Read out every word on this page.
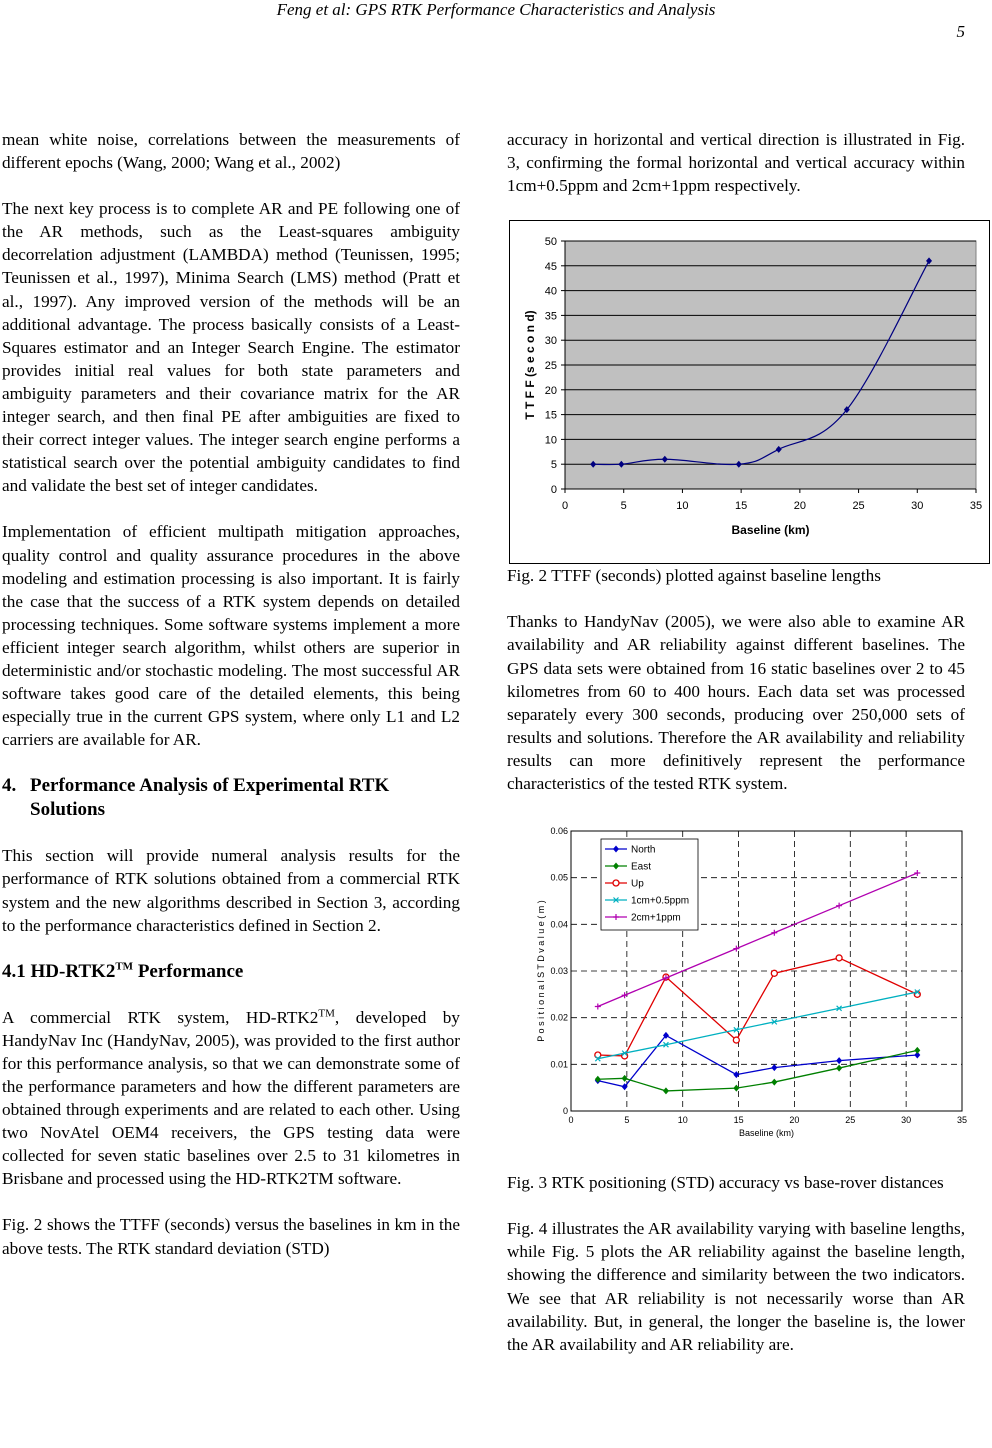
Feng et al: GPS RTK Performance Characteristics and Analysis
5

mean white noise, correlations between the measurements of different epochs (Wang, 2000; Wang et al., 2002)

The next key process is to complete AR and PE following one of the AR methods, such as the Least-squares ambiguity decorrelation adjustment (LAMBDA) method (Teunissen, 1995; Teunissen et al., 1997), Minima Search (LMS) method (Pratt et al., 1997). Any improved version of the methods will be an additional advantage. The process basically consists of a Least-Squares estimator and an Integer Search Engine. The estimator provides initial real values for both state parameters and ambiguity parameters and their covariance matrix for the AR integer search, and then final PE after ambiguities are fixed to their correct integer values. The integer search engine performs a statistical search over the potential ambiguity candidates to find and validate the best set of integer candidates.

Implementation of efficient multipath mitigation approaches, quality control and quality assurance procedures in the above modeling and estimation processing is also important. It is fairly the case that the success of a RTK system depends on detailed processing techniques. Some software systems implement a more efficient integer search algorithm, whilst others are superior in deterministic and/or stochastic modeling. The most successful AR software takes good care of the detailed elements, this being especially true in the current GPS system, where only L1 and L2 carriers are available for AR.

4. Performance Analysis of Experimental RTK Solutions

This section will provide numeral analysis results for the performance of RTK solutions obtained from a commercial RTK system and the new algorithms described in Section 3, according to the performance characteristics defined in Section 2.

4.1 HD-RTK2™ Performance

A commercial RTK system, HD-RTK2™, developed by HandyNav Inc (HandyNav, 2005), was provided to the first author for this performance analysis, so that we can demonstrate some of the performance parameters and how the different parameters are obtained through experiments and are related to each other. Using two NovAtel OEM4 receivers, the GPS testing data were collected for seven static baselines over 2.5 to 31 kilometres in Brisbane and processed using the HD-RTK2TM software.

Fig. 2 shows the TTFF (seconds) versus the baselines in km in the above tests. The RTK standard deviation (STD)

accuracy in horizontal and vertical direction is illustrated in Fig. 3, confirming the formal horizontal and vertical accuracy within 1cm+0.5ppm and 2cm+1ppm respectively.

0
5
10
15
20
25
30
35
40
45
50
0	5	10	15	20	25	30	35
Baseline (km)
T T F F (s e c o n d)

Fig. 2 TTFF (seconds) plotted against baseline lengths

Thanks to HandyNav (2005), we were also able to examine AR availability and AR reliability against different baselines. The GPS data sets were obtained from 16 static baselines over 2 to 45 kilometres from 60 to 400 hours. Each data set was processed separately every 300 seconds, producing over 250,000 sets of results and solutions. Therefore the AR availability and reliability results can more definitively represent the performance characteristics of the tested RTK system.

0
0.01
0.02
0.03
0.04
0.05
0.06
0	5	10	15	20	25	30	35
Baseline (km)
P o s i t i o n a l S T D v a l u e ( m )
North
East
Up
1cm+0.5ppm
2cm+1ppm

Fig. 3 RTK positioning (STD) accuracy vs base-rover distances

Fig. 4 illustrates the AR availability varying with baseline lengths, while Fig. 5 plots the AR reliability against the baseline length, showing the difference and similarity between the two indicators. We see that AR reliability is not necessarily worse than AR availability. But, in general, the longer the baseline is, the lower the AR availability and AR reliability are.
